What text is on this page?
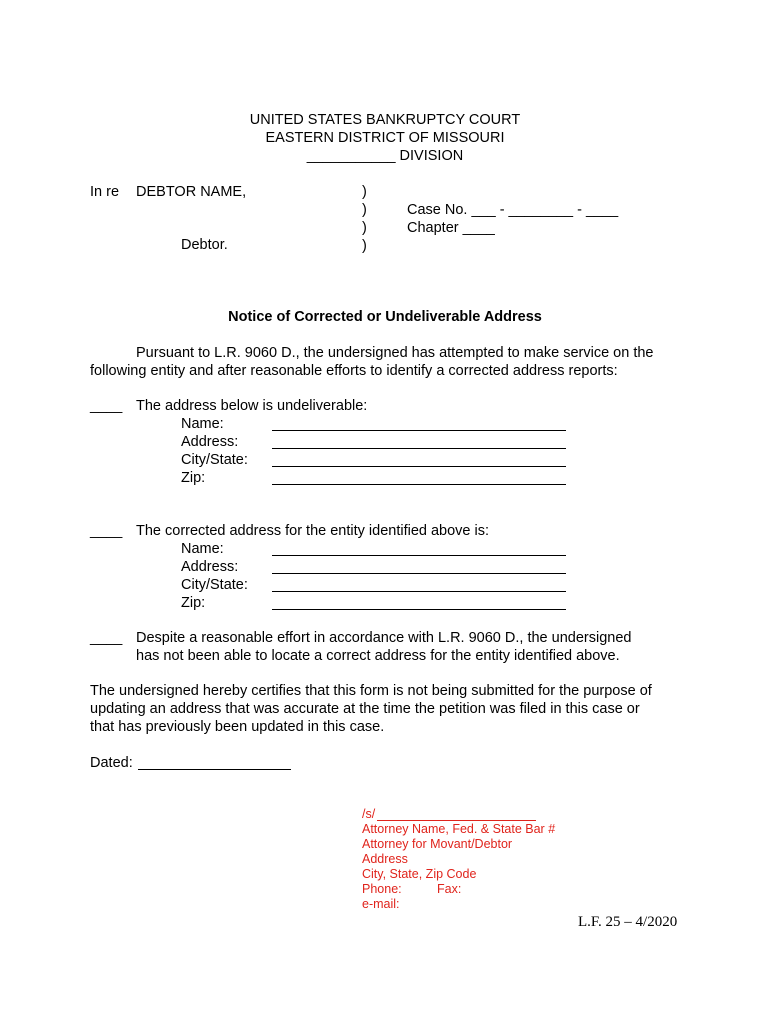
UNITED STATES BANKRUPTCY COURT
EASTERN DISTRICT OF MISSOURI
___________ DIVISION
In re DEBTOR NAME,
Debtor.
)
)
)
)
Case No. ___ - ________ - ____
Chapter ____
Notice of Corrected or Undeliverable Address
Pursuant to L.R. 9060 D., the undersigned has attempted to make service on the
following entity and after reasonable efforts to identify a corrected address reports:
____ The address below is undeliverable:
Name:
Address:
City/State:
Zip:
____ The corrected address for the entity identified above is:
Name:
Address:
City/State:
Zip:
____ Despite a reasonable effort in accordance with L.R. 9060 D., the undersigned
has not been able to locate a correct address for the entity identified above.
The undersigned hereby certifies that this form is not being submitted for the purpose of
updating an address that was accurate at the time the petition was filed in this case or
that has previously been updated in this case.
Dated:
/s/
Attorney Name, Fed. & State Bar #
Attorney for Movant/Debtor
Address
City, State, Zip Code
Phone:	Fax:
e-mail:
L.F. 25 – 4/2020
